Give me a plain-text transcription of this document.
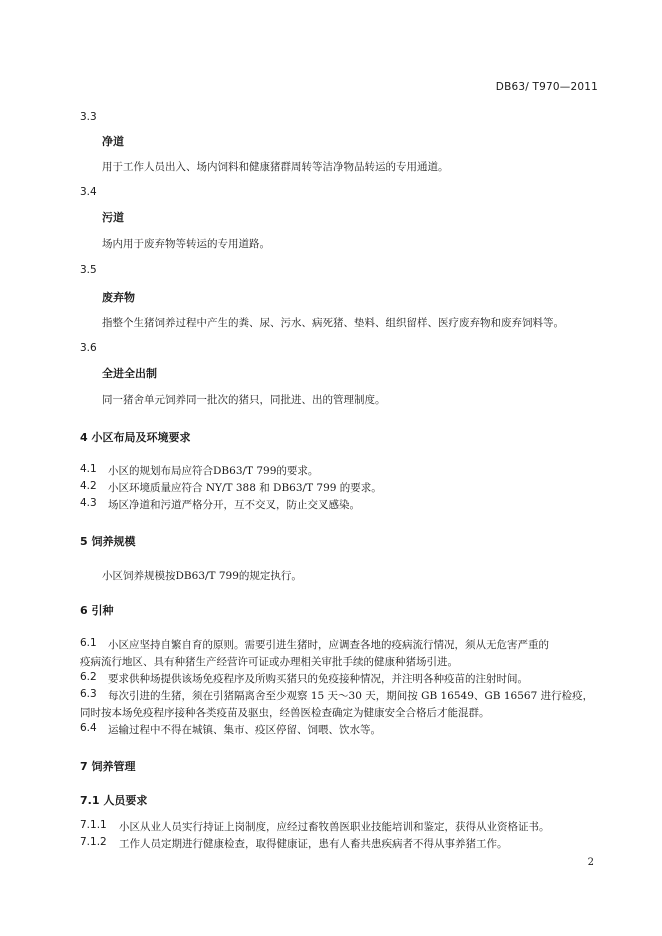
DB63/ T970—2011
3.3
净道
用于工作人员出入、场内饲料和健康猪群周转等洁净物品转运的专用通道。
3.4
污道
场内用于废弃物等转运的专用道路。
3.5
废弃物
指整个生猪饲养过程中产生的粪、尿、污水、病死猪、垫料、组织留样、医疗废弃物和废弃饲料等。
3.6
全进全出制
同一猪舍单元饲养同一批次的猪只，同批进、出的管理制度。
4 小区布局及环境要求
4.1 小区的规划布局应符合DB63/T 799的要求。
4.2 小区环境质量应符合 NY/T 388 和 DB63/T 799 的要求。
4.3 场区净道和污道严格分开，互不交叉，防止交叉感染。
5 饲养规模
小区饲养规模按DB63/T 799的规定执行。
6 引种
6.1 小区应坚持自繁自育的原则。需要引进生猪时，应调查各地的疫病流行情况，须从无危害严重的
疫病流行地区、具有种猪生产经营许可证或办理相关审批手续的健康种猪场引进。
6.2 要求供种场提供该场免疫程序及所购买猪只的免疫接种情况，并注明各种疫苗的注射时间。
6.3 每次引进的生猪，须在引猪隔离舍至少观察 15 天～30 天，期间按 GB 16549、GB 16567 进行检疫，
同时按本场免疫程序接种各类疫苗及驱虫，经兽医检查确定为健康安全合格后才能混群。
6.4 运输过程中不得在城镇、集市、疫区停留、饲喂、饮水等。
7 饲养管理
7.1 人员要求
7.1.1 小区从业人员实行持证上岗制度，应经过畜牧兽医职业技能培训和鉴定，获得从业资格证书。
7.1.2 工作人员定期进行健康检查，取得健康证，患有人畜共患疾病者不得从事养猪工作。
2
